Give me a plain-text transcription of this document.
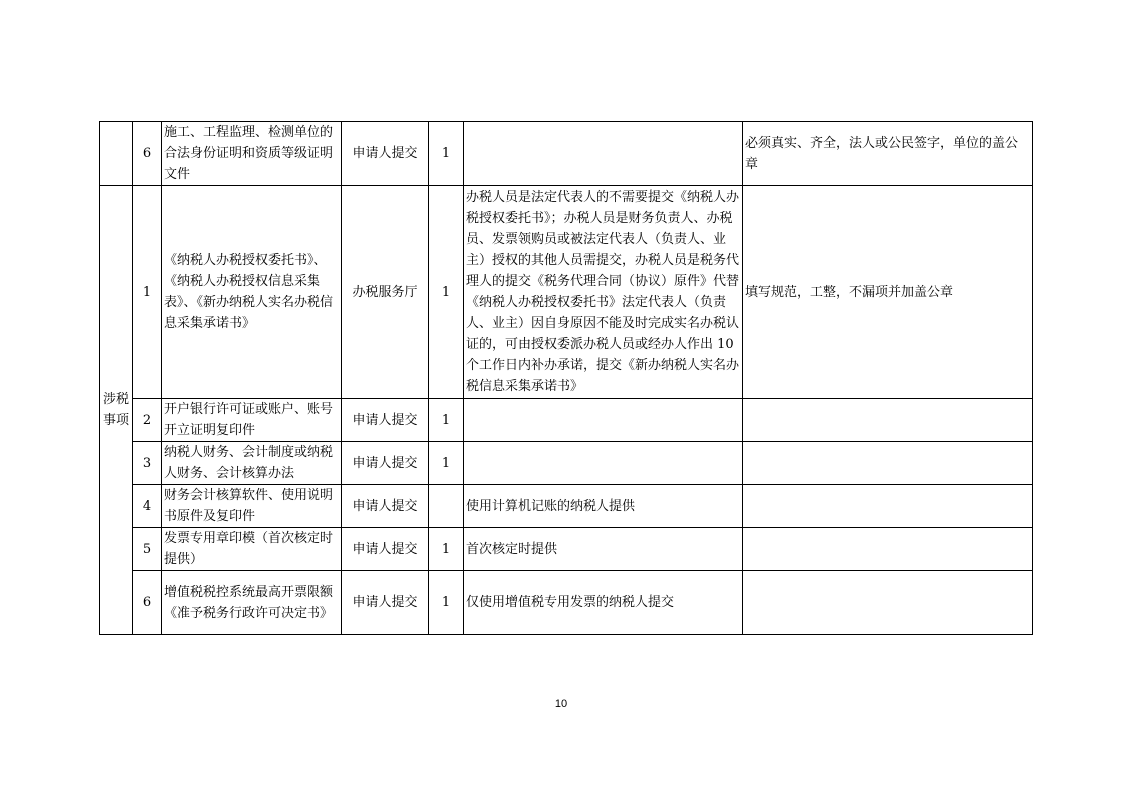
	6	施工、工程监理、检测单位的合法身份证明和资质等级证明文件	申请人提交	1		必须真实、齐全，法人或公民签字，单位的盖公章

涉税事项	1	《纳税人办税授权委托书》、《纳税人办税授权信息采集表》、《新办纳税人实名办税信息采集承诺书》	办税服务厅	1	办税人员是法定代表人的不需要提交《纳税人办税授权委托书》；办税人员是财务负责人、办税员、发票领购员或被法定代表人（负责人、业主）授权的其他人员需提交，办税人员是税务代理人的提交《税务代理合同（协议）原件》代替《纳税人办税授权委托书》法定代表人（负责人、业主）因自身原因不能及时完成实名办税认证的，可由授权委派办税人员或经办人作出 10 个工作日内补办承诺，提交《新办纳税人实名办税信息采集承诺书》	填写规范，工整，不漏项并加盖公章
	2	开户银行许可证或账户、账号开立证明复印件	申请人提交	1		
	3	纳税人财务、会计制度或纳税人财务、会计核算办法	申请人提交	1		
	4	财务会计核算软件、使用说明书原件及复印件	申请人提交		使用计算机记账的纳税人提供	
	5	发票专用章印模（首次核定时提供）	申请人提交	1	首次核定时提供	
	6	增值税税控系统最高开票限额《准予税务行政许可决定书》	申请人提交	1	仅使用增值税专用发票的纳税人提交	
10
